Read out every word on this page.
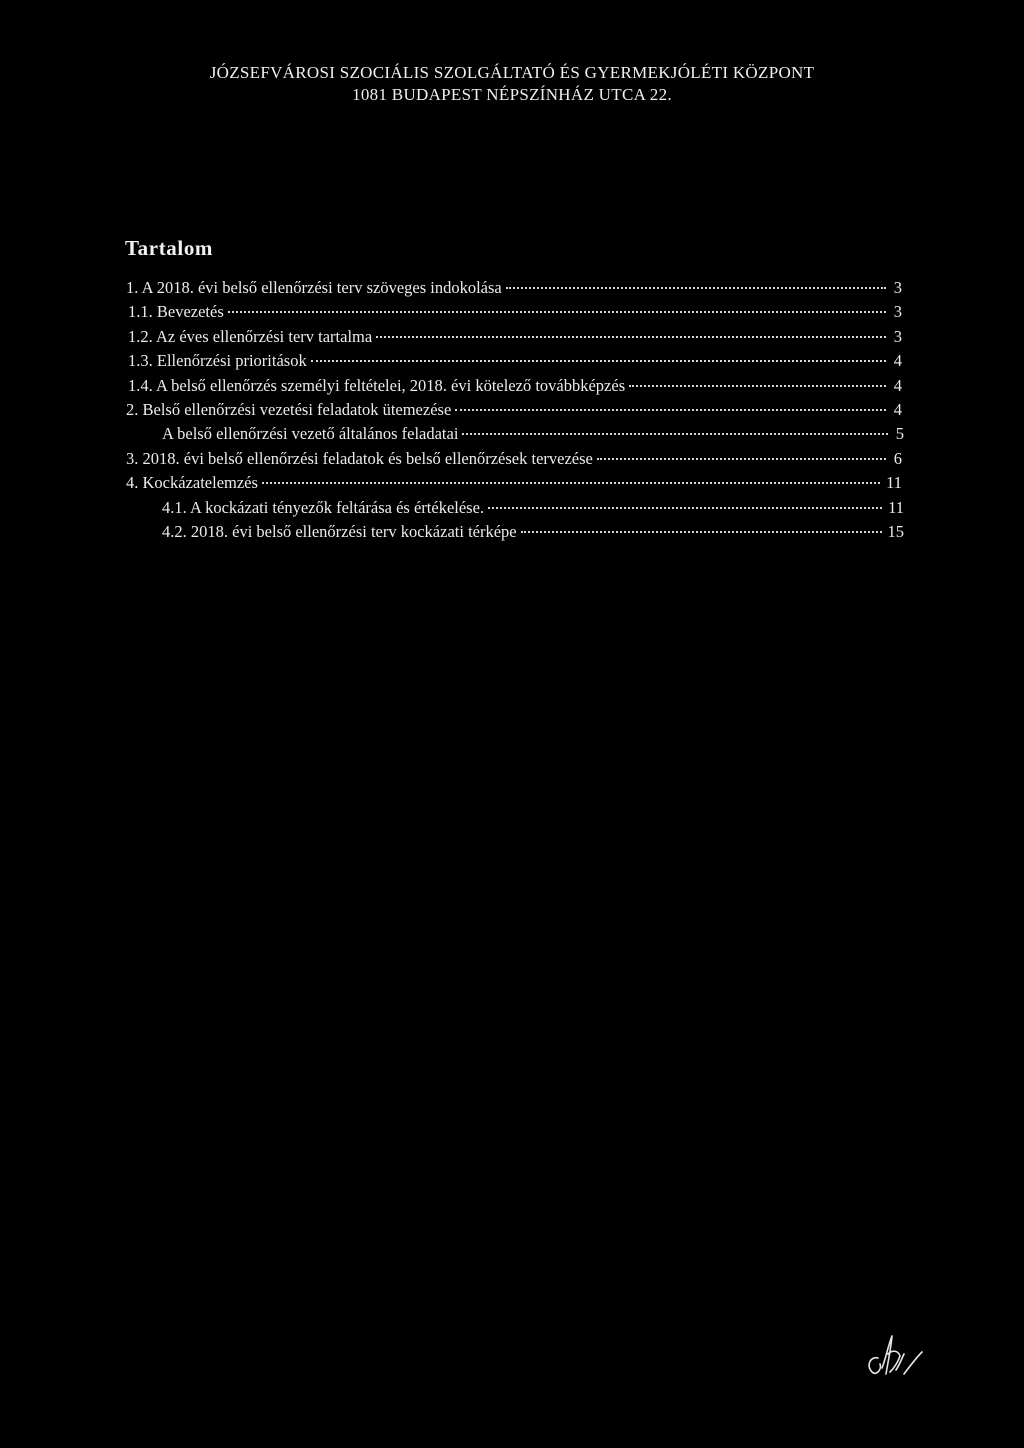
JÓZSEFVÁROSI SZOCIÁLIS SZOLGÁLTATÓ ÉS GYERMEKJÓLÉTI KÖZPONT
1081 BUDAPEST NÉPSZÍNHÁZ UTCA 22.
Tartalom
1. A 2018. évi belső ellenőrzési terv szöveges indokolása	3
1.1. Bevezetés	3
1.2. Az éves ellenőrzési terv tartalma	3
1.3. Ellenőrzési prioritások	4
1.4. A belső ellenőrzés személyi feltételei, 2018. évi kötelező továbbképzés	4
2. Belső ellenőrzési vezetési feladatok ütemezése	4
A belső ellenőrzési vezető általános feladatai	5
3. 2018. évi belső ellenőrzési feladatok és belső ellenőrzések tervezése	6
4. Kockázatelemzés	11
4.1. A kockázati tényezők feltárása és értékelése.	11
4.2. 2018. évi belső ellenőrzési terv kockázati térképe	15
